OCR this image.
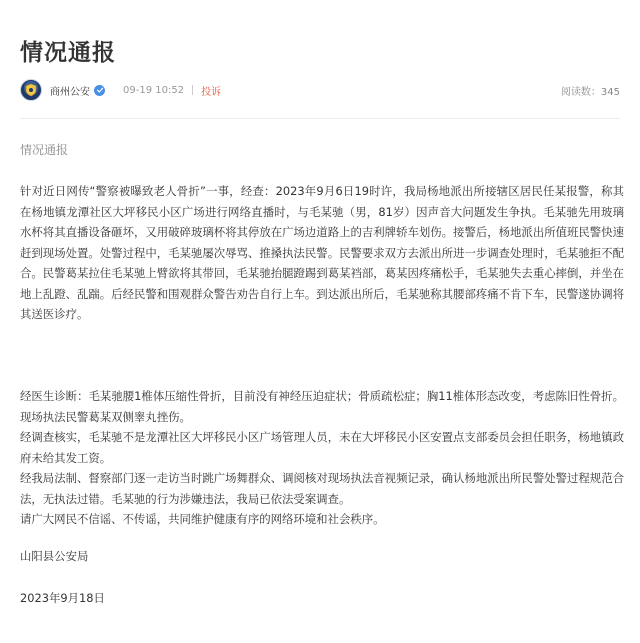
情况通报
商州公安	09-19 10:52 投诉	阅读数：345
情况通报

针对近日网传“警察被曝致老人骨折”一事，经查：2023年9月6日19时许，我局杨地派出所接辖区居民任某报警，称其在杨地镇龙潭社区大坪移民小区广场进行网络直播时，与毛某驰（男，81岁）因声音大问题发生争执。毛某驰先用玻璃水杯将其直播设备砸坏，又用破碎玻璃杯将其停放在广场边道路上的吉利牌轿车划伤。接警后，杨地派出所值班民警快速赶到现场处置。处警过程中，毛某驰屡次辱骂、推搡执法民警。民警要求双方去派出所进一步调查处理时，毛某驰拒不配合。民警葛某拉住毛某驰上臂欲将其带回，毛某驰抬腿蹬踢到葛某裆部，葛某因疼痛松手，毛某驰失去重心摔倒，并坐在地上乱蹬、乱踹。后经民警和围观群众警告劝告自行上车。到达派出所后，毛某驰称其腰部疼痛不肯下车，民警遂协调将其送医诊疗。

经医生诊断：毛某驰腰1椎体压缩性骨折，目前没有神经压迫症状；骨质疏松症；胸11椎体形态改变，考虑陈旧性骨折。现场执法民警葛某双侧睾丸挫伤。

经调查核实，毛某驰不是龙潭社区大坪移民小区广场管理人员，未在大坪移民小区安置点支部委员会担任职务，杨地镇政府未给其发工资。

经我局法制、督察部门逐一走访当时跳广场舞群众、调阅核对现场执法音视频记录，确认杨地派出所民警处警过程规范合法，无执法过错。毛某驰的行为涉嫌违法，我局已依法受案调查。

请广大网民不信谣、不传谣，共同维护健康有序的网络环境和社会秩序。

山阳县公安局
2023年9月18日
